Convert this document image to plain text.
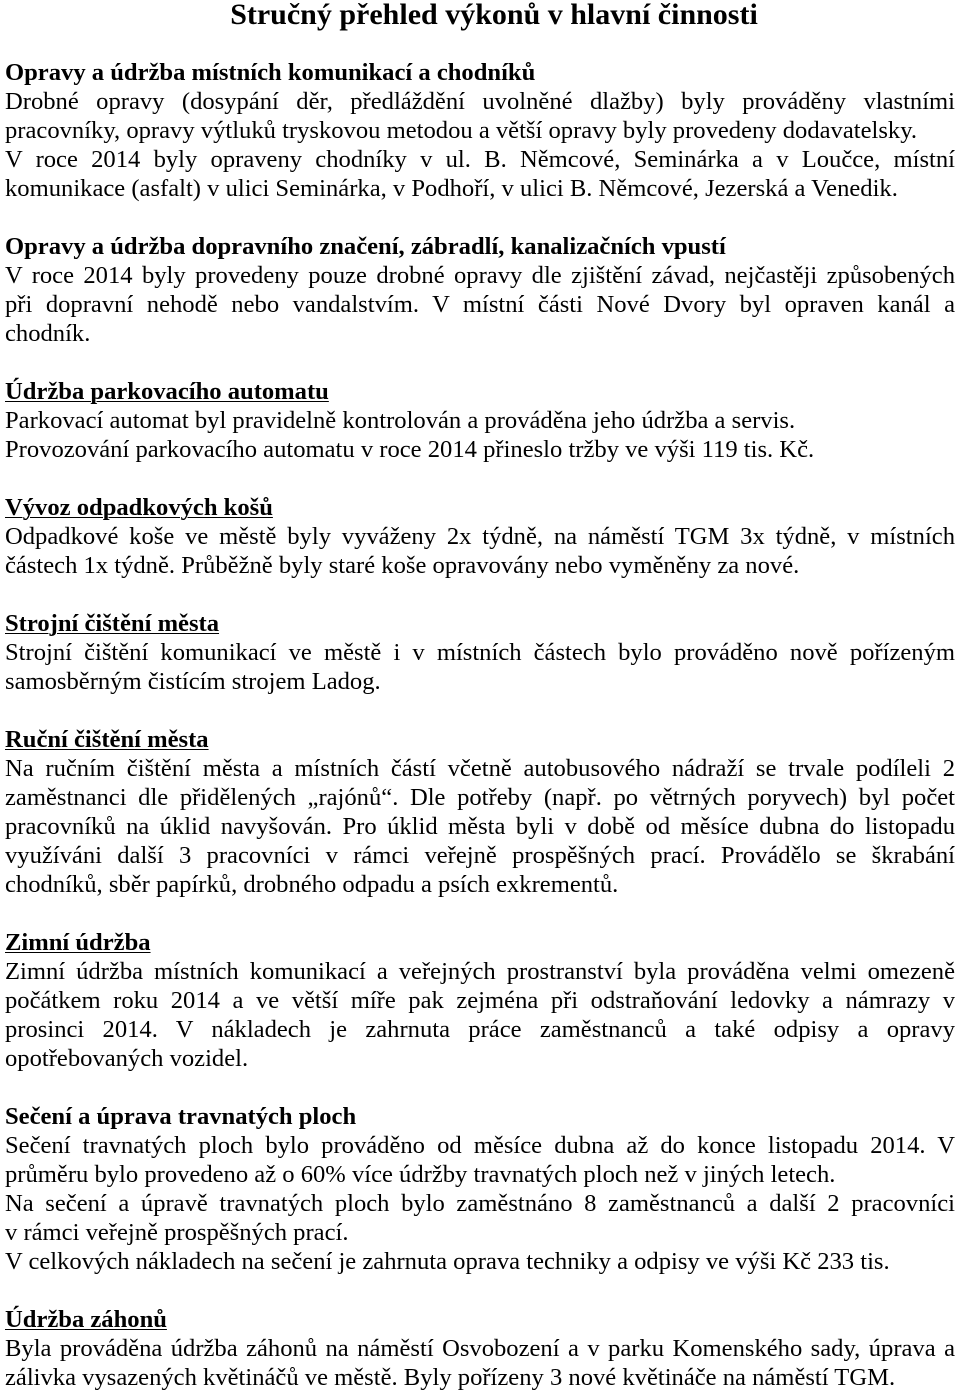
Stručný přehled výkonů v hlavní činnosti
Opravy a údržba místních komunikací a chodníků
Drobné opravy (dosypání děr, předláždění uvolněné dlažby) byly prováděny vlastními
pracovníky, opravy výtluků tryskovou metodou a větší opravy byly provedeny dodavatelsky.
V roce 2014 byly opraveny chodníky v ul. B. Němcové, Seminárka a v Loučce, místní
komunikace (asfalt) v ulici Seminárka, v Podhoří, v ulici B. Němcové, Jezerská a Venedik.
Opravy a údržba dopravního značení, zábradlí, kanalizačních vpustí
V roce 2014 byly provedeny pouze drobné opravy dle zjištění závad, nejčastěji způsobených
při dopravní nehodě nebo vandalstvím. V místní části Nové Dvory byl opraven kanál a
chodník.
Údržba parkovacího automatu
Parkovací automat byl pravidelně kontrolován a prováděna jeho údržba a servis.
Provozování parkovacího automatu v roce 2014 přineslo tržby ve výši 119 tis. Kč.
Vývoz odpadkových košů
Odpadkové koše ve městě byly vyváženy 2x týdně, na náměstí TGM 3x týdně, v místních
částech 1x týdně. Průběžně byly staré koše opravovány nebo vyměněny za nové.
Strojní čištění města
Strojní čištění komunikací ve městě i v místních částech bylo prováděno nově pořízeným
samosběrným čistícím strojem Ladog.
Ruční čištění města
Na ručním čištění města a místních částí včetně autobusového nádraží se trvale podíleli 2
zaměstnanci dle přidělených „rajónů“. Dle potřeby (např. po větrných poryvech) byl počet
pracovníků na úklid navyšován. Pro úklid města byli v době od měsíce dubna do listopadu
využíváni další 3 pracovníci v rámci veřejně prospěšných prací. Provádělo se škrabání
chodníků, sběr papírků, drobného odpadu a psích exkrementů.
Zimní údržba
Zimní údržba místních komunikací a veřejných prostranství byla prováděna velmi omezeně
počátkem roku 2014 a ve větší míře pak zejména při odstraňování ledovky a námrazy v
prosinci 2014. V nákladech je zahrnuta práce zaměstnanců a také odpisy a opravy
opotřebovaných vozidel.
Sečení a úprava travnatých ploch
Sečení travnatých ploch bylo prováděno od měsíce dubna až do konce listopadu 2014. V
průměru bylo provedeno až o 60% více údržby travnatých ploch než v jiných letech.
Na sečení a úpravě travnatých ploch bylo zaměstnáno 8 zaměstnanců a další 2 pracovníci
v rámci veřejně prospěšných prací.
V celkových nákladech na sečení je zahrnuta oprava techniky a odpisy ve výši Kč 233 tis.
Údržba záhonů
Byla prováděna údržba záhonů na náměstí Osvobození a v parku Komenského sady, úprava a
zálivka vysazených květináčů ve městě. Byly pořízeny 3 nové květináče na náměstí TGM.
